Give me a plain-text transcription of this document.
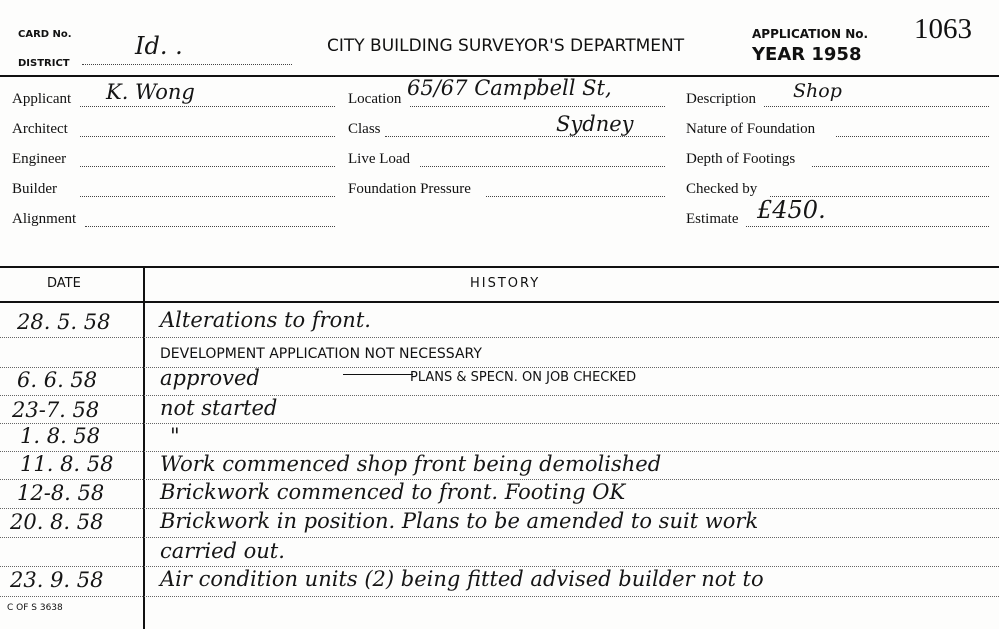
CARD No.
DISTRICT
Id. .	CITY BUILDING SURVEYOR'S DEPARTMENT
APPLICATION No. 1063
YEAR 1958
Applicant K. Wong
Architect
Engineer
Builder
Alignment
Location 65/67 Campbell St,
Class	Sydney
Live Load
Foundation Pressure
Description Shop
Nature of Foundation
Depth of Footings
Checked by
Estimate £450.
DATE	HISTORY
28. 5. 58 Alterations to front.
DEVELOPMENT APPLICATION NOT NECESSARY
6. 6. 58	approved	PLANS & SPECN. ON JOB CHECKED
23-7. 58	not started
1. 8. 58	"
11. 8. 58 Work commenced shop front being demolished
12-8. 58	Brickwork commenced to front. Footing OK
20. 8. 58	Brickwork in position. Plans to be amended to suit work
carried out.
23. 9. 58	Air condition units (2) being fitted advised builder not to
C OF S 3638
